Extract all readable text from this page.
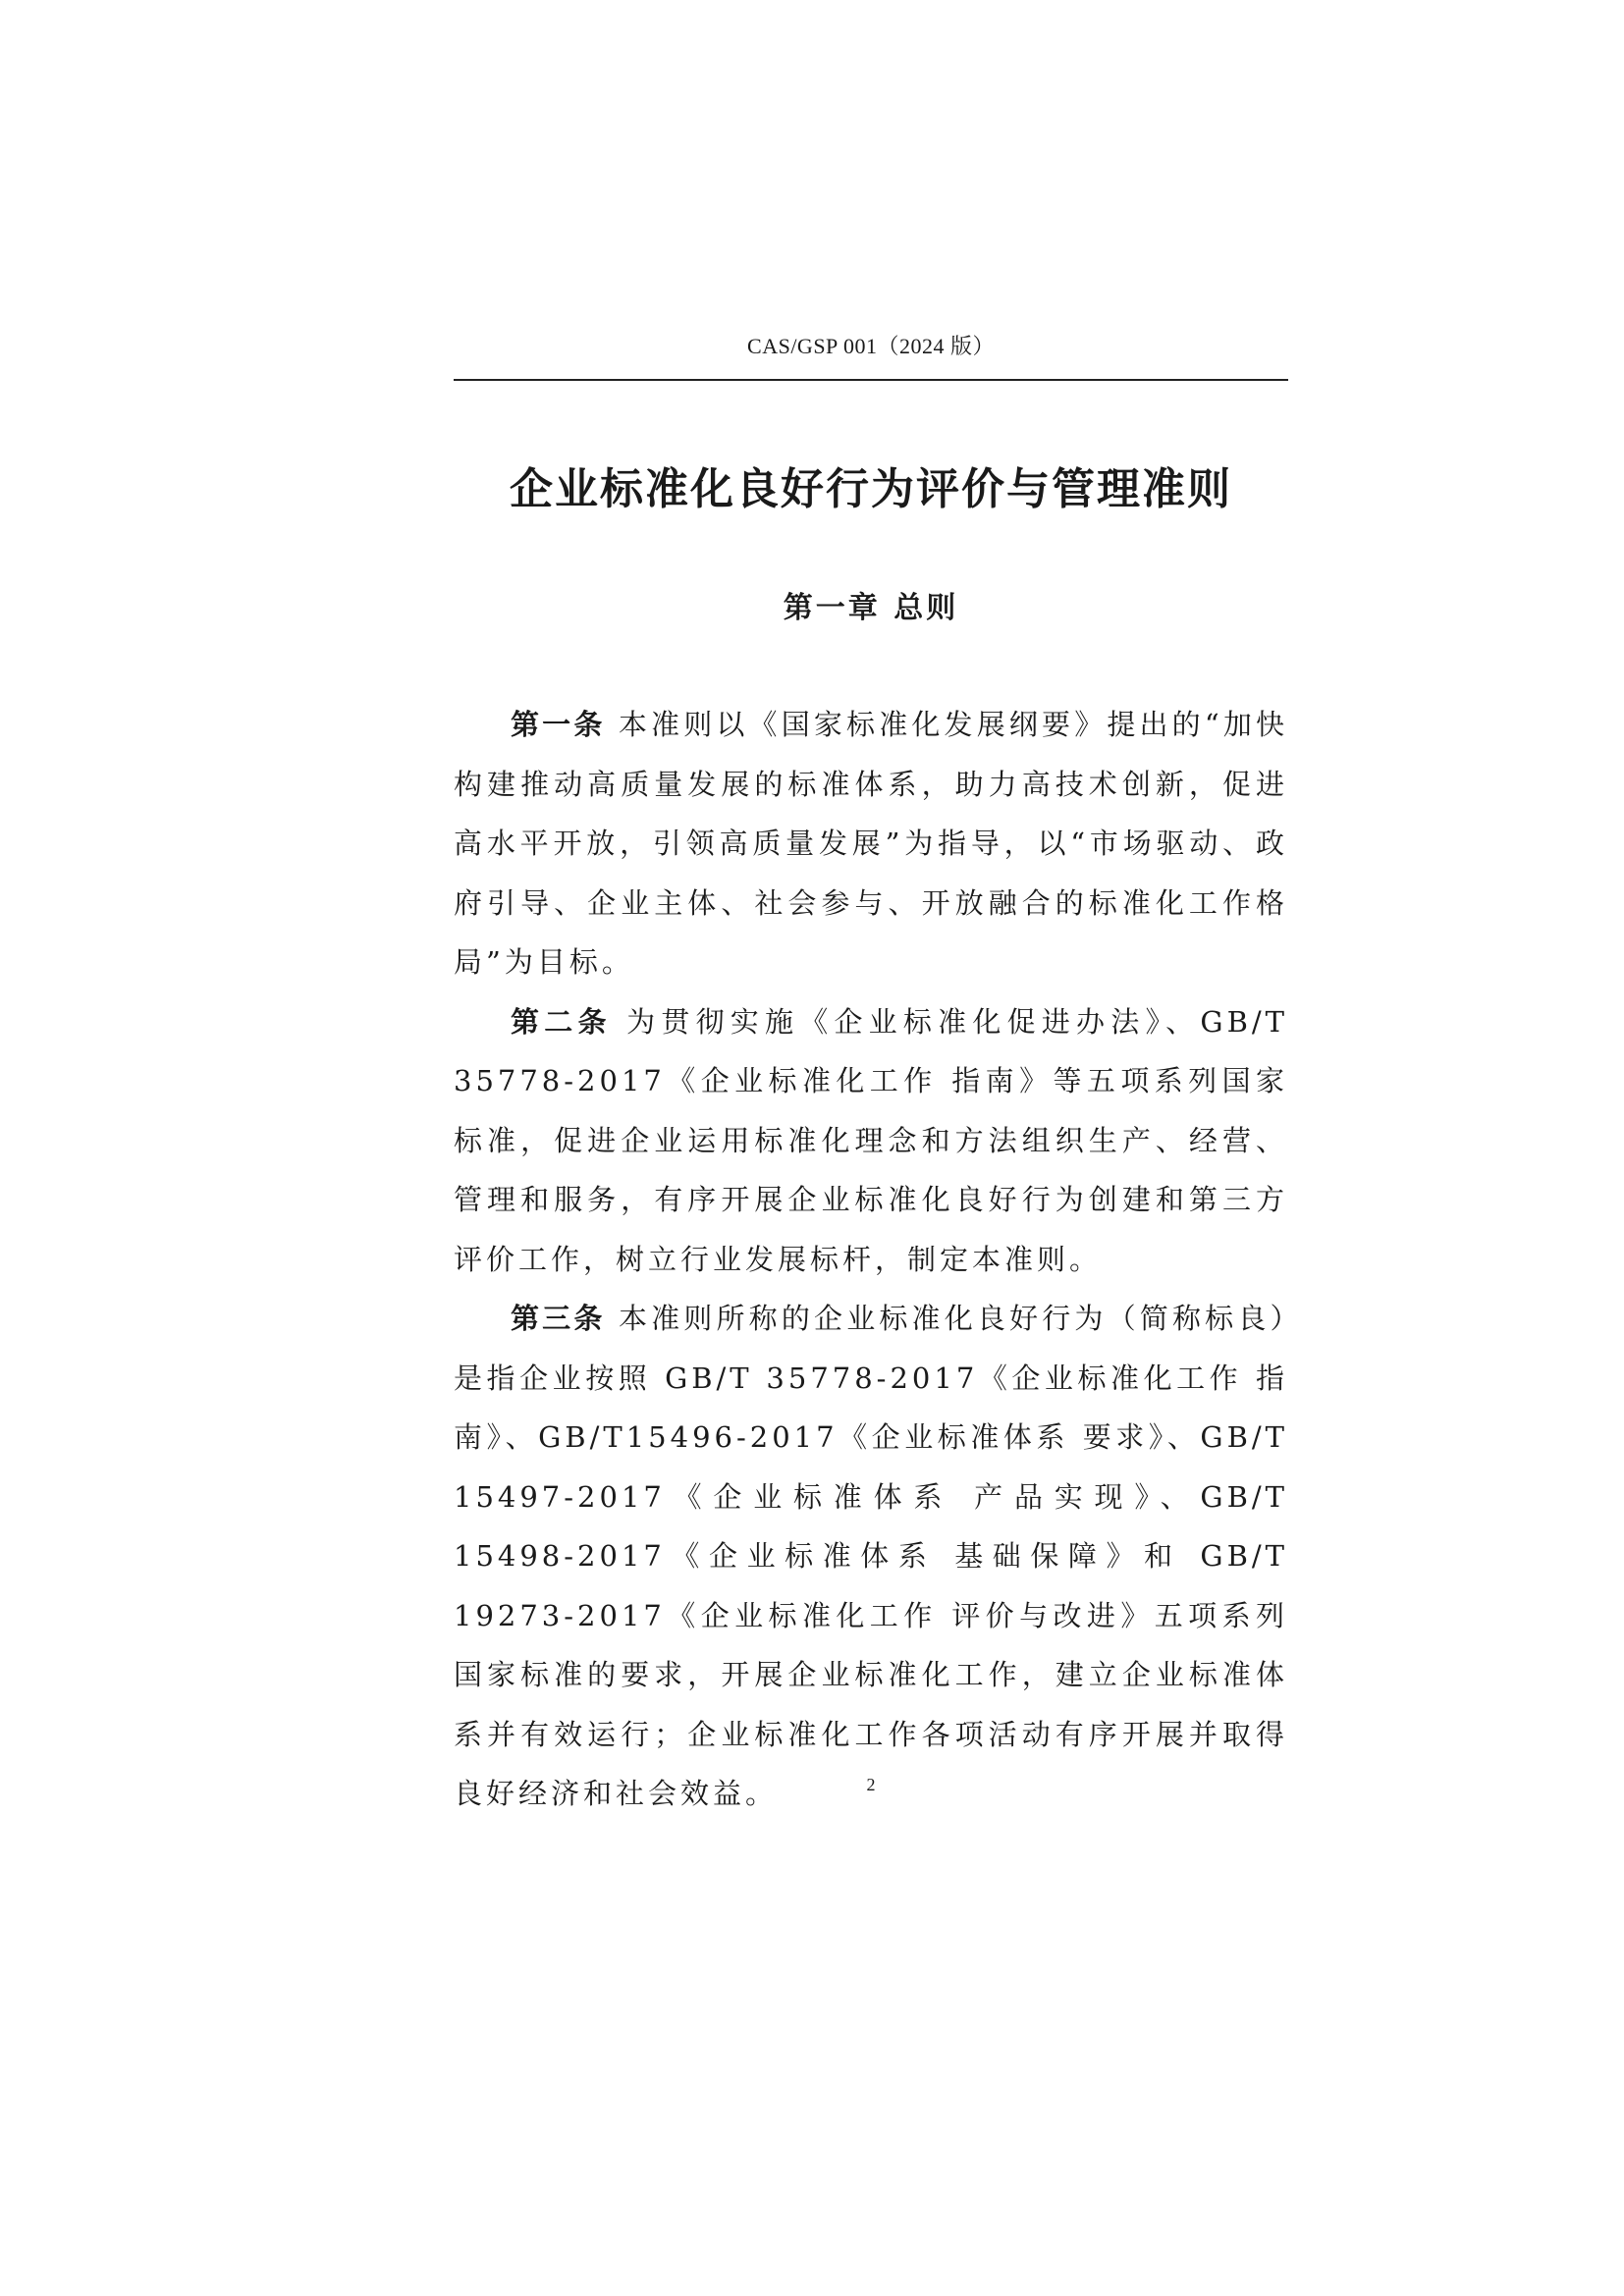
CAS/GSP 001（2024 版）
企业标准化良好行为评价与管理准则
第一章 总则

第一条 本准则以《国家标准化发展纲要》提出的“加快构建推动高质量发展的标准体系，助力高技术创新，促进高水平开放，引领高质量发展”为指导，以“市场驱动、政府引导、企业主体、社会参与、开放融合的标准化工作格局”为目标。

第二条 为贯彻实施《企业标准化促进办法》、GB/T 35778-2017《企业标准化工作 指南》等五项系列国家标准，促进企业运用标准化理念和方法组织生产、经营、管理和服务，有序开展企业标准化良好行为创建和第三方评价工作，树立行业发展标杆，制定本准则。

第三条 本准则所称的企业标准化良好行为（简称标良）是指企业按照 GB/T 35778-2017《企业标准化工作 指南》、GB/T15496-2017《企业标准体系 要求》、GB/T 15497-2017《企业标准体系 产品实现》、GB/T 15498-2017《企业标准体系 基础保障》和 GB/T 19273-2017《企业标准化工作 评价与改进》五项系列国家标准的要求，开展企业标准化工作，建立企业标准体系并有效运行；企业标准化工作各项活动有序开展并取得良好经济和社会效益。	2
